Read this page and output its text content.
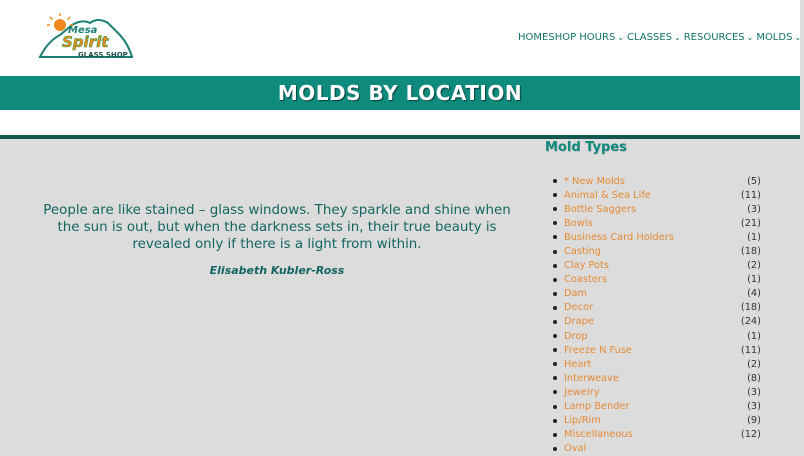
Mesa
Spirit
GLASS SHOP
HOME SHOP HOURS ⌄ CLASSES ⌄ RESOURCES ⌄ MOLDS ⌄
MOLDS BY LOCATION

People are like stained – glass windows. They sparkle and shine when the sun is out, but when the darkness sets in, their true beauty is revealed only if there is a light from within.

Elisabeth Kubler-Ross

Mold Types
* New Molds	(5)
Animal & Sea Life	(11)
Bottle Saggers	(3)
Bowls	(21)
Business Card Holders	(1)
Casting	(18)
Clay Pots	(2)
Coasters	(1)
Dam	(4)
Decor	(18)
Drape	(24)
Drop	(1)
Freeze N Fuse	(11)
Heart	(2)
Interweave	(8)
Jewelry	(3)
Lamp Bender	(3)
Lip/Rim	(9)
Miscellaneous	(12)
Oval
